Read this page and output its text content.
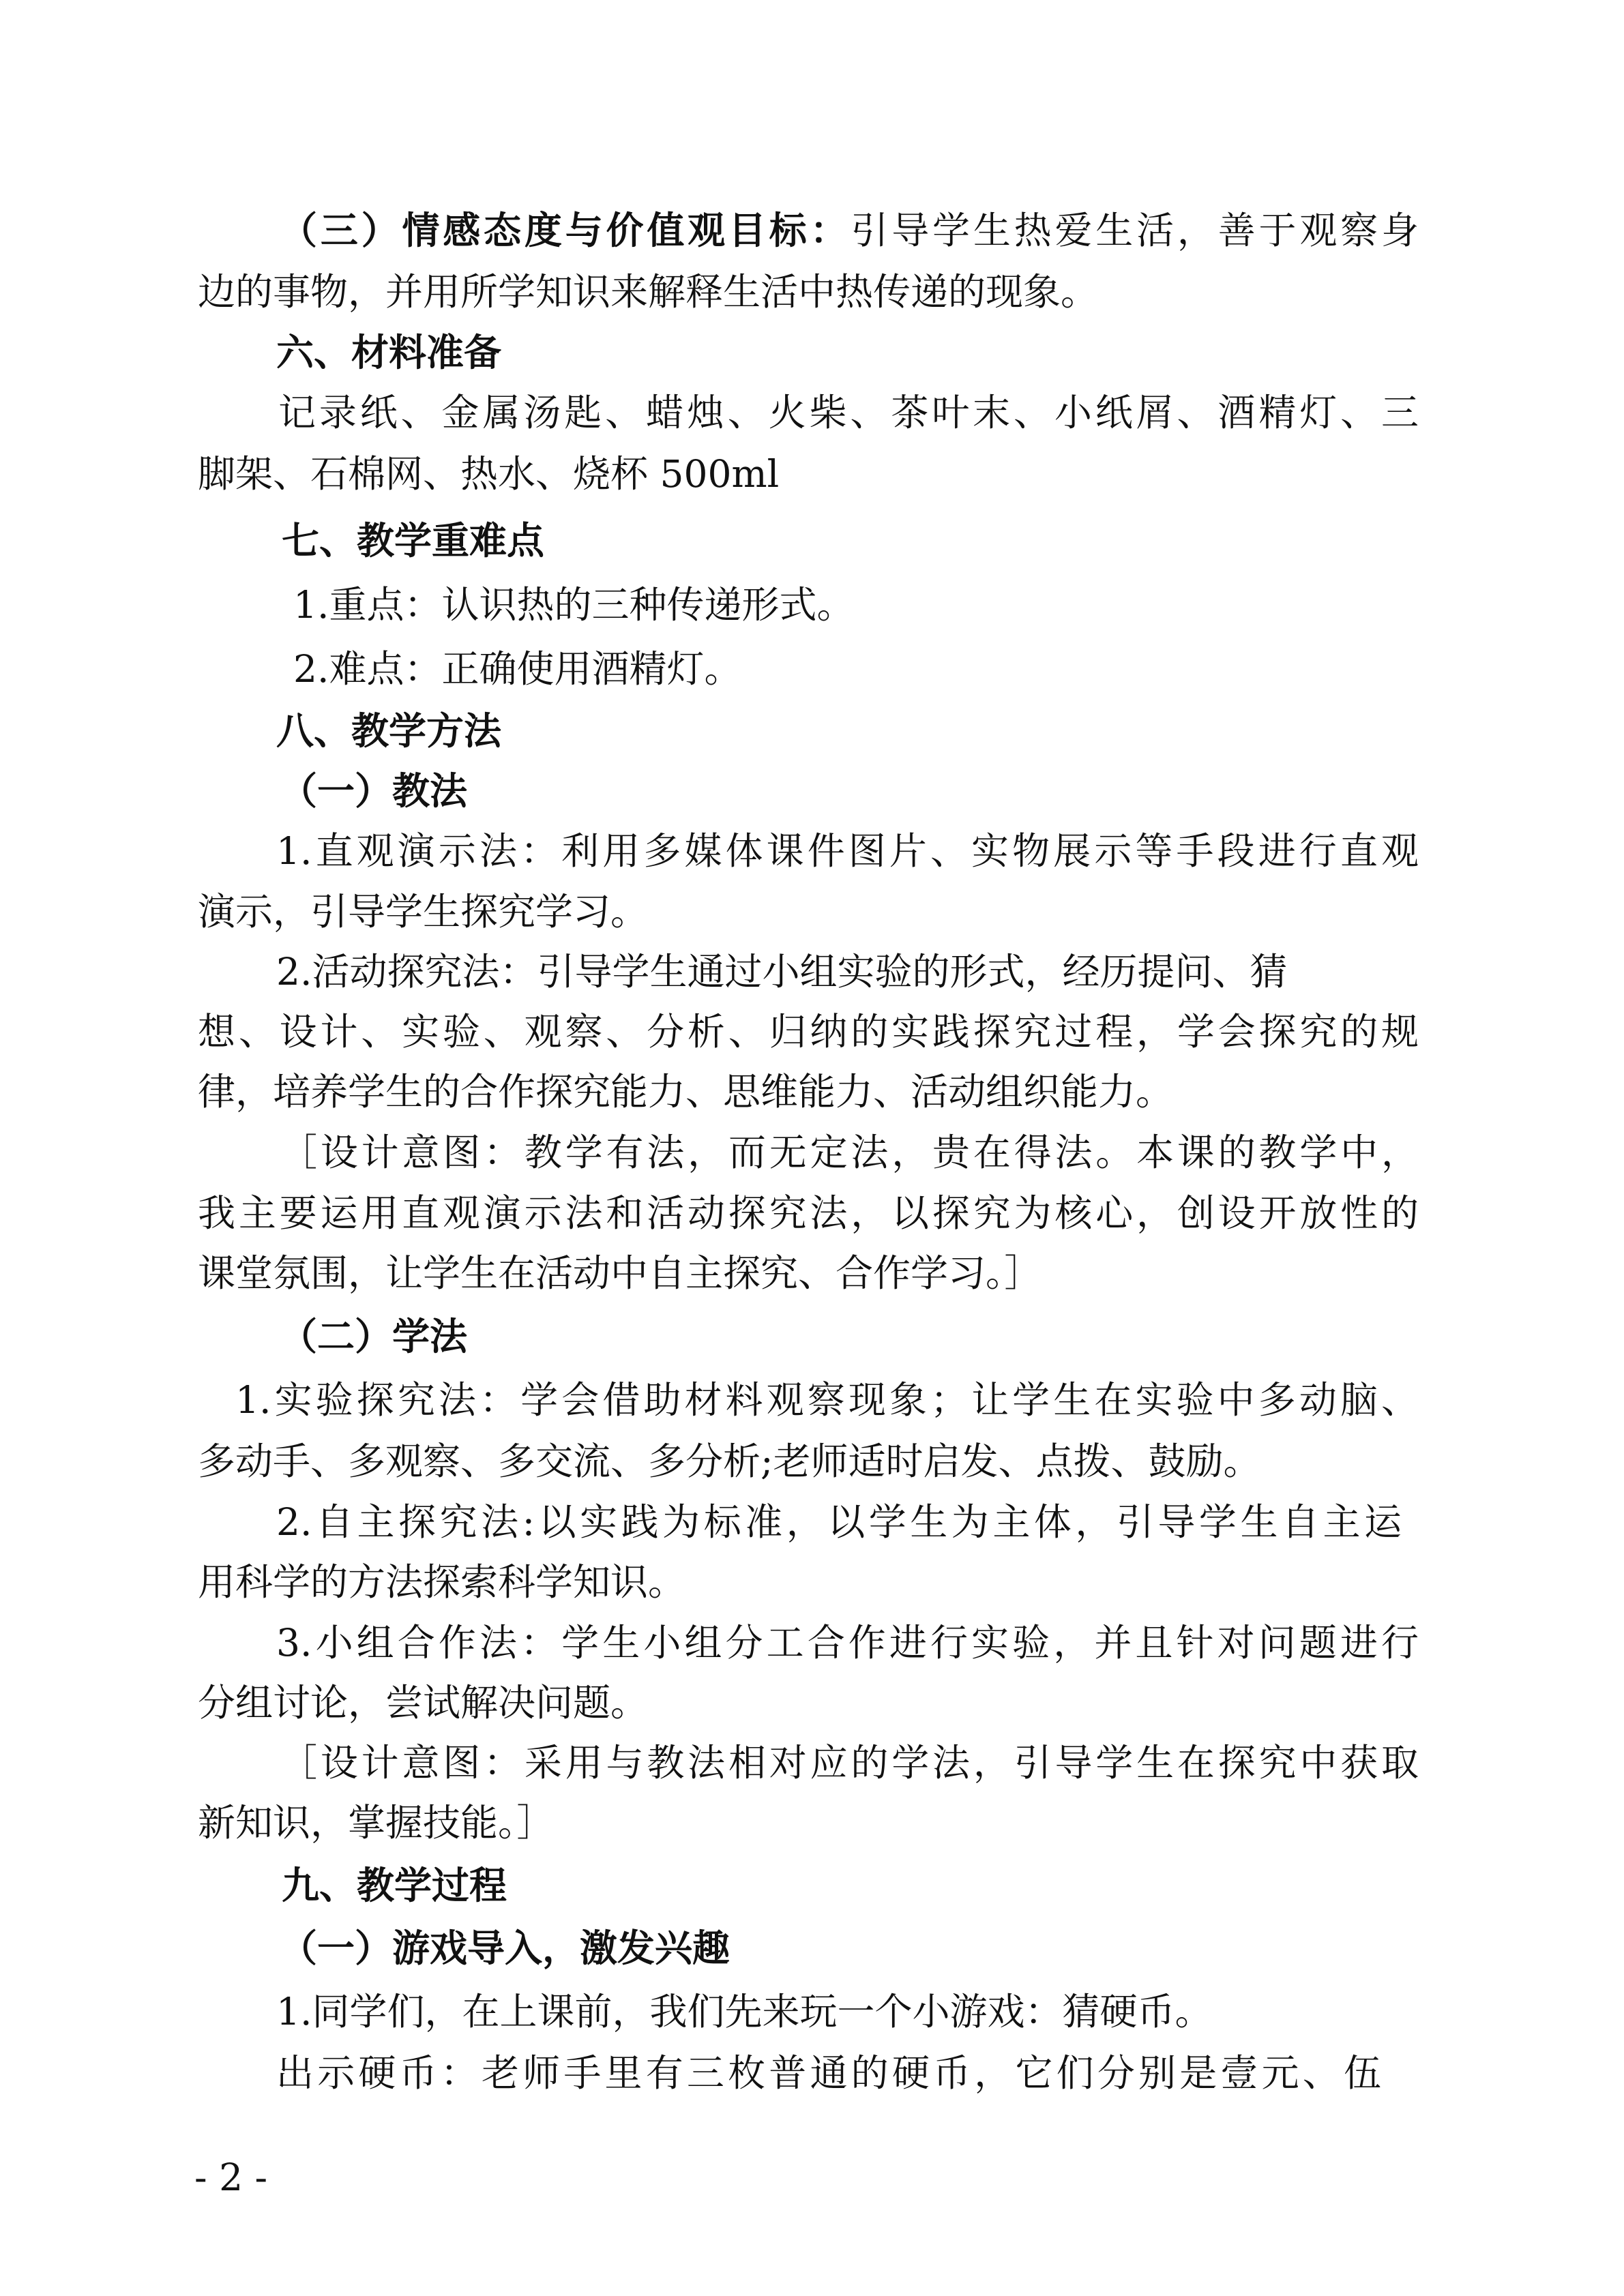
（三）情感态度与价值观目标：引导学生热爱生活，善于观察身
边的事物，并用所学知识来解释生活中热传递的现象。
六、材料准备
记录纸、金属汤匙、蜡烛、火柴、茶叶末、小纸屑、酒精灯、三
脚架、石棉网、热水、烧杯 500ml
七、教学重难点
1.重点：认识热的三种传递形式。
2.难点：正确使用酒精灯。
八、教学方法
（一）教法
1.直观演示法：利用多媒体课件图片、实物展示等手段进行直观
演示，引导学生探究学习。
2.活动探究法：引导学生通过小组实验的形式，经历提问、猜
想、设计、实验、观察、分析、归纳的实践探究过程，学会探究的规
律，培养学生的合作探究能力、思维能力、活动组织能力。
［设计意图：教学有法，而无定法，贵在得法。本课的教学中，
我主要运用直观演示法和活动探究法，以探究为核心，创设开放性的
课堂氛围，让学生在活动中自主探究、合作学习。］
（二）学法
1.实验探究法：学会借助材料观察现象；让学生在实验中多动脑、
多动手、多观察、多交流、多分析;老师适时启发、点拨、鼓励。
2.自主探究法:以实践为标准，以学生为主体，引导学生自主运
用科学的方法探索科学知识。
3.小组合作法：学生小组分工合作进行实验，并且针对问题进行
分组讨论，尝试解决问题。
［设计意图：采用与教法相对应的学法，引导学生在探究中获取
新知识，掌握技能。］
九、教学过程
（一）游戏导入，激发兴趣
1.同学们，在上课前，我们先来玩一个小游戏：猜硬币。
出示硬币：老师手里有三枚普通的硬币，它们分别是壹元、伍
- 2 -
